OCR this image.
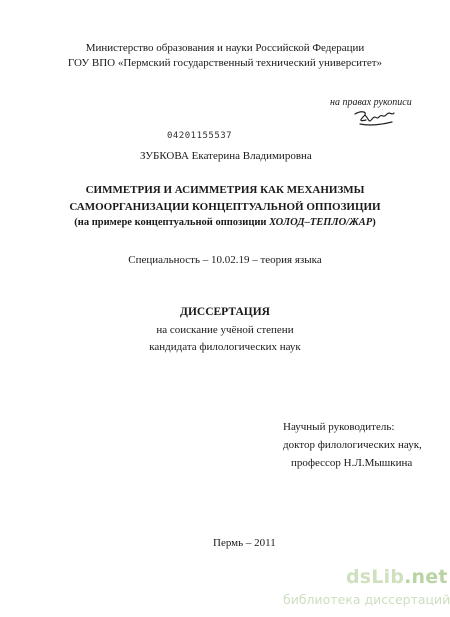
Министерство образования и науки Российской Федерации
ГОУ ВПО «Пермский государственный технический университет»
на правах рукописи
04201155537
ЗУБКОВА Екатерина Владимировна
СИММЕТРИЯ И АСИММЕТРИЯ КАК МЕХАНИЗМЫ
САМООРГАНИЗАЦИИ КОНЦЕПТУАЛЬНОЙ ОППОЗИЦИИ
(на примере концептуальной оппозиции ХОЛОД–ТЕПЛО/ЖАР)
Специальность – 10.02.19 – теория языка
ДИССЕРТАЦИЯ
на соискание учёной степени
кандидата филологических наук
Научный руководитель:
доктор филологических наук,
профессор Н.Л.Мышкина
Пермь – 2011
dsLib.net
библиотека диссертаций
